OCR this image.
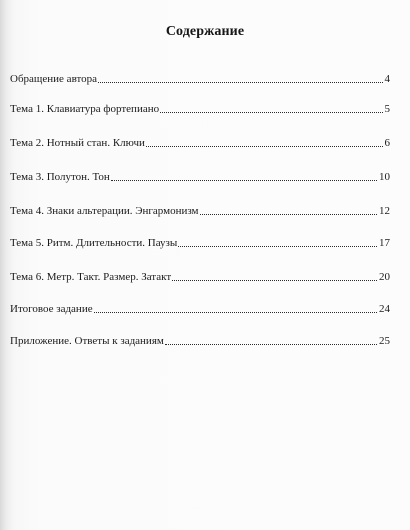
Содержание
Обращение автора	4
Тема 1. Клавиатура фортепиано	5
Тема 2. Нотный стан. Ключи	6
Тема 3. Полутон. Тон	10
Тема 4. Знаки альтерации. Энгармонизм	12
Тема 5. Ритм. Длительности. Паузы	17
Тема 6. Метр. Такт. Размер. Затакт	20
Итоговое задание	24
Приложение. Ответы к заданиям	25
